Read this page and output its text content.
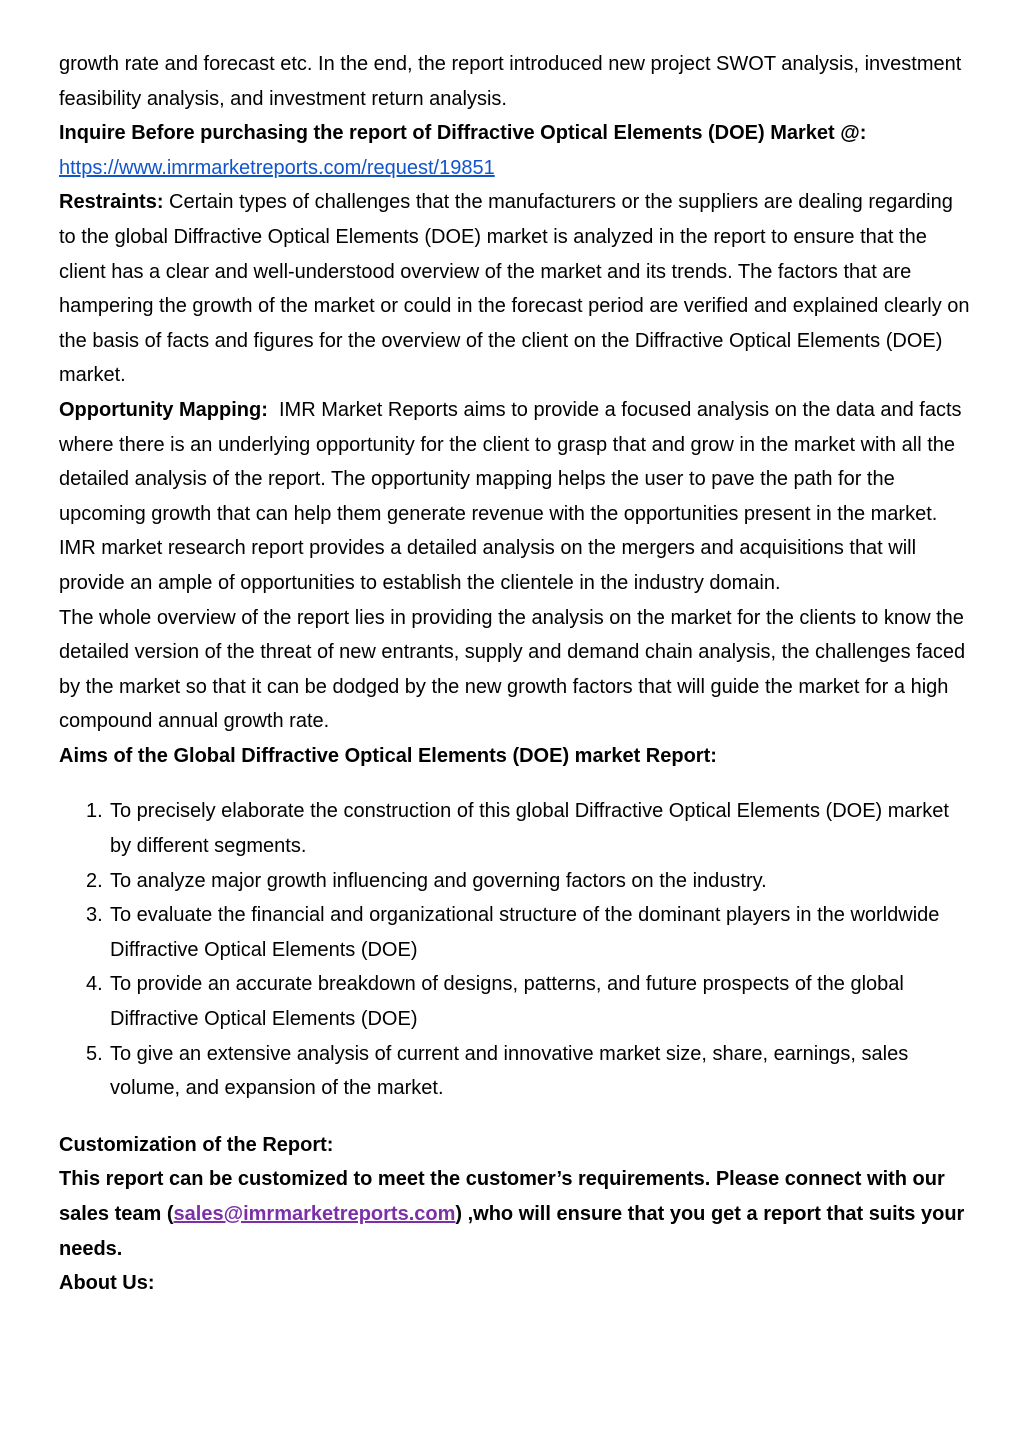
growth rate and forecast etc. In the end, the report introduced new project SWOT analysis, investment feasibility analysis, and investment return analysis.

Inquire Before purchasing the report of Diffractive Optical Elements (DOE) Market @:

https://www.imrmarketreports.com/request/19851

Restraints: Certain types of challenges that the manufacturers or the suppliers are dealing regarding to the global Diffractive Optical Elements (DOE) market is analyzed in the report to ensure that the client has a clear and well-understood overview of the market and its trends. The factors that are hampering the growth of the market or could in the forecast period are verified and explained clearly on the basis of facts and figures for the overview of the client on the Diffractive Optical Elements (DOE) market.

Opportunity Mapping:  IMR Market Reports aims to provide a focused analysis on the data and facts where there is an underlying opportunity for the client to grasp that and grow in the market with all the detailed analysis of the report. The opportunity mapping helps the user to pave the path for the upcoming growth that can help them generate revenue with the opportunities present in the market. IMR market research report provides a detailed analysis on the mergers and acquisitions that will provide an ample of opportunities to establish the clientele in the industry domain.

The whole overview of the report lies in providing the analysis on the market for the clients to know the detailed version of the threat of new entrants, supply and demand chain analysis, the challenges faced by the market so that it can be dodged by the new growth factors that will guide the market for a high compound annual growth rate.

Aims of the Global Diffractive Optical Elements (DOE) market Report:

To precisely elaborate the construction of this global Diffractive Optical Elements (DOE) market by different segments.
To analyze major growth influencing and governing factors on the industry.
To evaluate the financial and organizational structure of the dominant players in the worldwide Diffractive Optical Elements (DOE)
To provide an accurate breakdown of designs, patterns, and future prospects of the global Diffractive Optical Elements (DOE)
To give an extensive analysis of current and innovative market size, share, earnings, sales volume, and expansion of the market.

Customization of the Report:

This report can be customized to meet the customer’s requirements. Please connect with our sales team (sales@imrmarketreports.com) ,who will ensure that you get a report that suits your needs.

About Us:
